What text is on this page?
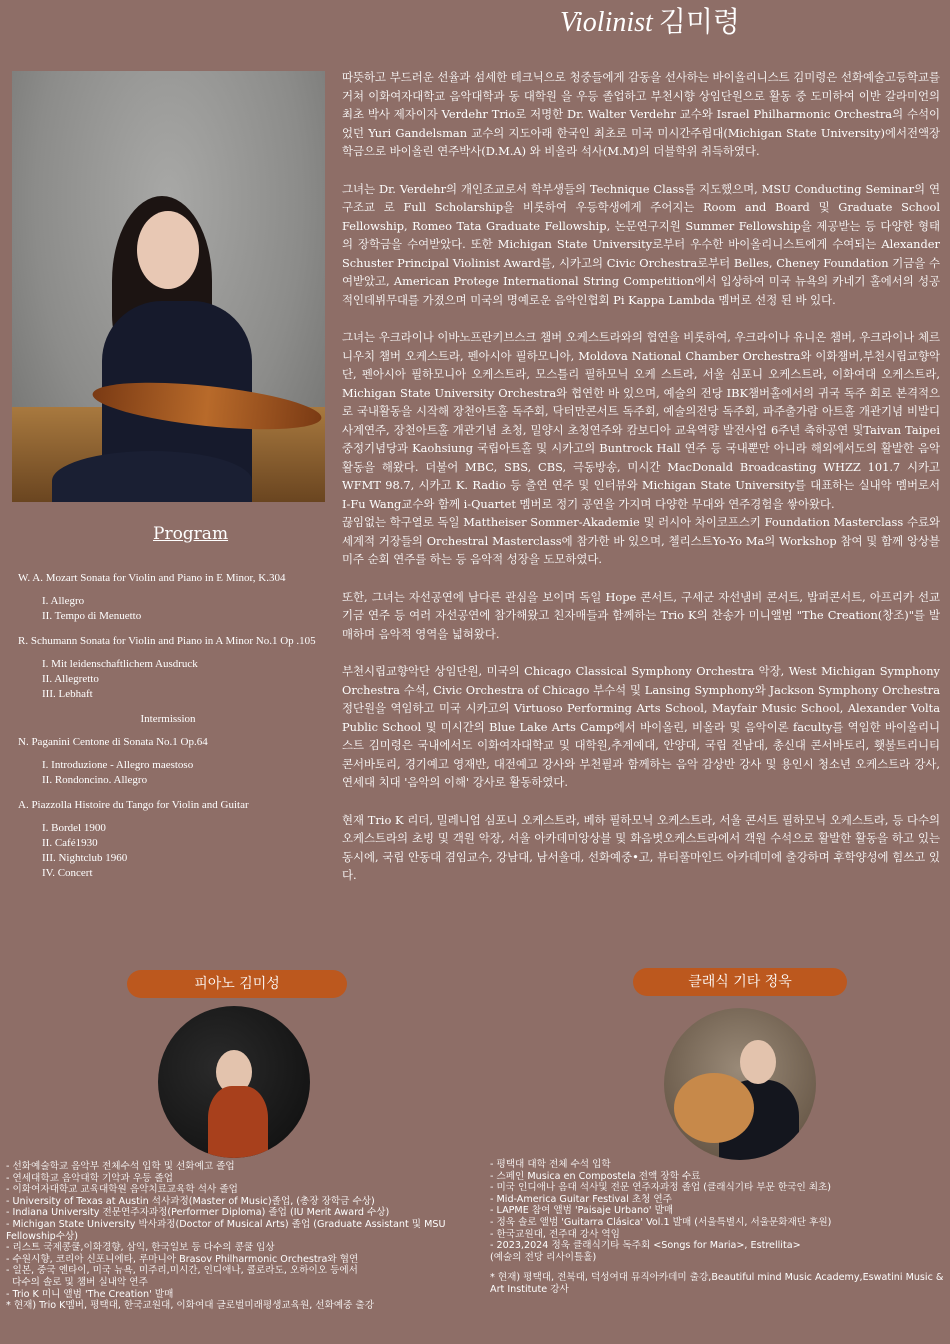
Violinist 김미령

따뜻하고 부드러운 선율과 섬세한 테크닉으로 청중들에게 감동을 선사하는 바이올리니스트 김미령은 선화예술고등학교를 거쳐 이화여자대학교 음악대학과 동 대학원 을 우등 졸업하고 부천시향 상임단원으로 활동 중 도미하여 이반 갈라미언의 최초 박사 제자이자 Verdehr Trio로 저명한 Dr. Walter Verdehr 교수와 Israel Philharmonic Orchestra의 수석이었던 Yuri Gandelsman 교수의 지도아래 한국인 최초로 미국 미시간주립대(Michigan State University)에서전액장학금으로 바이올린 연주박사(D.M.A) 와 비올라 석사(M.M)의 더블학위 취득하였다.

그녀는 Dr. Verdehr의 개인조교로서 학부생들의 Technique Class를 지도했으며, MSU Conducting Seminar의 연구조교 로 Full Scholarship을 비롯하여 우등학생에게 주어지는 Room and Board 및 Graduate School Fellowship, Romeo Tata Graduate Fellowship, 논문연구지원 Summer Fellowship을 제공받는 등 다양한 형태의 장학금을 수여받았다. 또한 Michigan State University로부터 우수한 바이올리니스트에게 수여되는 Alexander Schuster Principal Violinist Award를, 시카고의 Civic Orchestra로부터 Belles, Cheney Foundation 기금을 수여받았고, American Protege International String Competition에서 입상하여 미국 뉴욕의 카네기 홀에서의 성공적인데뷔무대를 가졌으며 미국의 명예로운 음악인협회 Pi Kappa Lambda 멤버로 선정 된 바 있다.

그녀는 우크라이나 이바노프란키브스크 챔버 오케스트라와의 협연을 비롯하여, 우크라이나 유니온 챔버, 우크라이나 체르니우치 챔버 오케스트라, 펜아시아 필하모니아, Moldova National Chamber Orchestra와 이화챔버,부천시립교향악단, 펜아시아 필하모니아 오케스트라, 모스틀리 필하모닉 오케 스트라, 서울 심포니 오케스트라, 이화여대 오케스트라, Michigan State University Orchestra와 협연한 바 있으며, 예술의 전당 IBK챔버홀에서의 귀국 독주 회로 본격적으로 국내활동을 시작해 장천아트홀 독주회, 닥터만콘서트 독주회, 예술의전당 독주회, 파주출가람 아트홀 개관기념 비발디 사계연주, 장천아트홀 개관기념 초청, 밀양시 초청연주와 캄보디아 교육역량 발전사업 6주년 축하공연 및Taivan Taipei 중정기념당과 Kaohsiung 국립아트홀 및 시카고의 Buntrock Hall 연주 등 국내뿐만 아니라 해외에서도의 활발한 음악활동을 해왔다. 더불어 MBC, SBS, CBS, 극동방송, 미시간 MacDonald Broadcasting WHZZ 101.7 시카고 WFMT 98.7, 시카고 K. Radio 등 출연 연주 및 인터뷰와 Michigan State University를 대표하는 실내악 멤버로서 I-Fu Wang교수와 함께 i-Quartet 멤버로 정기 공연을 가지며 다양한 무대와 연주경험을 쌓아왔다.

끊임없는 학구열로 독일 Mattheiser Sommer-Akademie 및 러시아 차이코프스키 Foundation Masterclass 수료와 세계적 거장들의 Orchestral Masterclass에 참가한 바 있으며, 첼리스트Yo-Yo Ma의 Workshop 참여 및 함께 앙상블 미주 순회 연주를 하는 등 음악적 성장을 도모하였다.

또한, 그녀는 자선공연에 남다른 관심을 보이며 독일 Hope 콘서트, 구세군 자선냄비 콘서트, 밥퍼콘서트, 아프리카 선교 기금 연주 등 여러 자선공연에 참가해왔고 친자매들과 함께하는 Trio K의 찬송가 미니앨범 "The Creation(창조)"를 발매하며 음악적 영역을 넓혀왔다.

부천시립교향악단 상임단원, 미국의 Chicago Classical Symphony Orchestra 악장, West Michigan Symphony Orchestra 수석, Civic Orchestra of Chicago 부수석 및 Lansing Symphony와 Jackson Symphony Orchestra 정단원을 역임하고 미국 시카고의 Virtuoso Performing Arts School, Mayfair Music School, Alexander Volta Public School 및 미시간의 Blue Lake Arts Camp에서 바이올린, 비올라 및 음악이론 faculty를 역임한 바이올리니스트 김미령은 국내에서도 이화여자대학교 및 대학원,추계예대, 안양대, 국립 전남대, 총신대 콘서바토리, 횃불트리니티 콘서바토리, 경기예고 영재반, 대전예고 강사와 부천필과 함께하는 음악 감상반 강사 및 용인시 청소년 오케스트라 강사, 연세대 치대 '음악의 이해' 강사로 활동하였다.

현재 Trio K 리더, 밀레니엄 심포니 오케스트라, 베하 필하모닉 오케스트라, 서울 콘서트 필하모닉 오케스트라, 등 다수의 오케스트라의 초빙 및 객원 악장, 서울 아카데미앙상블 및 화음벗오케스트라에서 객원 수석으로 활발한 활동을 하고 있는 동시에, 국립 안동대 겸임교수, 강남대, 남서울대, 선화예중•고, 뷰티풀마인드 아카데미에 출강하며 후학양성에 힘쓰고 있다.

Program

W. A. Mozart Sonata for Violin and Piano in E Minor, K.304

I. Allegro
II. Tempo di Menuetto

R. Schumann Sonata for Violin and Piano in A Minor No.1 Op .105

I. Mit leidenschaftlichem Ausdruck
II. Allegretto
III. Lebhaft

Intermission

N. Paganini Centone di Sonata No.1 Op.64

I. Introduzione - Allegro maestoso
II. Rondoncino. Allegro

A. Piazzolla Histoire du Tango for Violin and Guitar

I. Bordel 1900
II. Café1930
III. Nightclub 1960
IV. Concert
피아노 김미성	클래식 기타 정욱
- 선화예술학교 음악부 전체수석 입학 및 선화예고 졸업
- 연세대학교 음악대학 기악과 우등 졸업
- 이화여자대학교 교육대학원 음악치료교육학 석사 졸업
- University of Texas at Austin 석사과정(Master of Music)졸업, (총장 장학금 수상)
- Indiana University 전문연주자과정(Performer Diploma) 졸업 (IU Merit Award 수상)
- Michigan State University 박사과정(Doctor of Musical Arts) 졸업 (Graduate Assistant 및 MSU Fellowship수상)
- 리스트 국제콩쿨,이화경향, 삼익, 한국일보 등 다수의 콩쿨 입상
- 수원시향, 코리아 신포니에타, 루마니아 Brasov Philharmonic Orchestra와 협연
- 일본, 중국 엔타이, 미국 뉴욕, 미주리,미시간, 인디애나, 콜로라도, 오하이오 등에서
다수의 솔로 및 챔버 실내악 연주
- Trio K 미니 앨범 'The Creation' 발매
* 현재) Trio K멤버, 평택대, 한국교원대, 이화여대 글로벌미래평생교육원, 선화예중 출강
- 평택대 대학 전체 수석 입학
- 스페인 Musica en Compostela 전액 장학 수료
- 미국 인디애나 음대 석사및 전문 연주자과정 졸업 (클래식기타 부문 한국인 최초)
- Mid-America Guitar Festival 초청 연주
- LAPME 참여 앨범 'Paisaje Urbano' 발매
- 정욱 솔로 앨범 'Guitarra Clásica' Vol.1 발매 (서울특별시, 서울문화재단 후원)
- 한국교원대, 전주대 강사 역임
- 2023,2024 정욱 클래식기타 독주회 <Songs for Maria>, Estrellita>
(예술의 전당 리사이틀홀)
* 현재) 평택대, 전북대, 덕성여대 뮤직아카데미 출강,Beautiful mind Music Academy,Eswatini Music & Art Institute 강사
